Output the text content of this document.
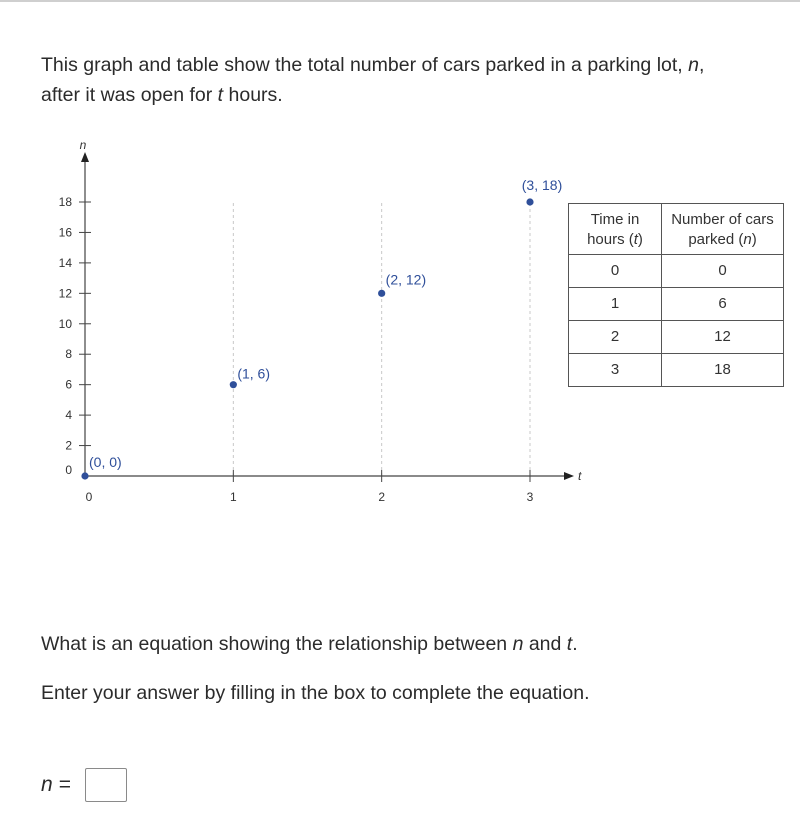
This graph and table show the total number of cars parked in a parking lot, n,
after it was open for t hours.
n
t
0
2
4
6
8
10
12
14
16
18
0	1	2	3
(0, 0)
(1, 6)
(2, 12)
(3, 18)
Time in
hours (t)	Number of cars
parked (n)
0	0
1	6
2	12
3	18
What is an equation showing the relationship between n and t.
Enter your answer by filling in the box to complete the equation.
n =
